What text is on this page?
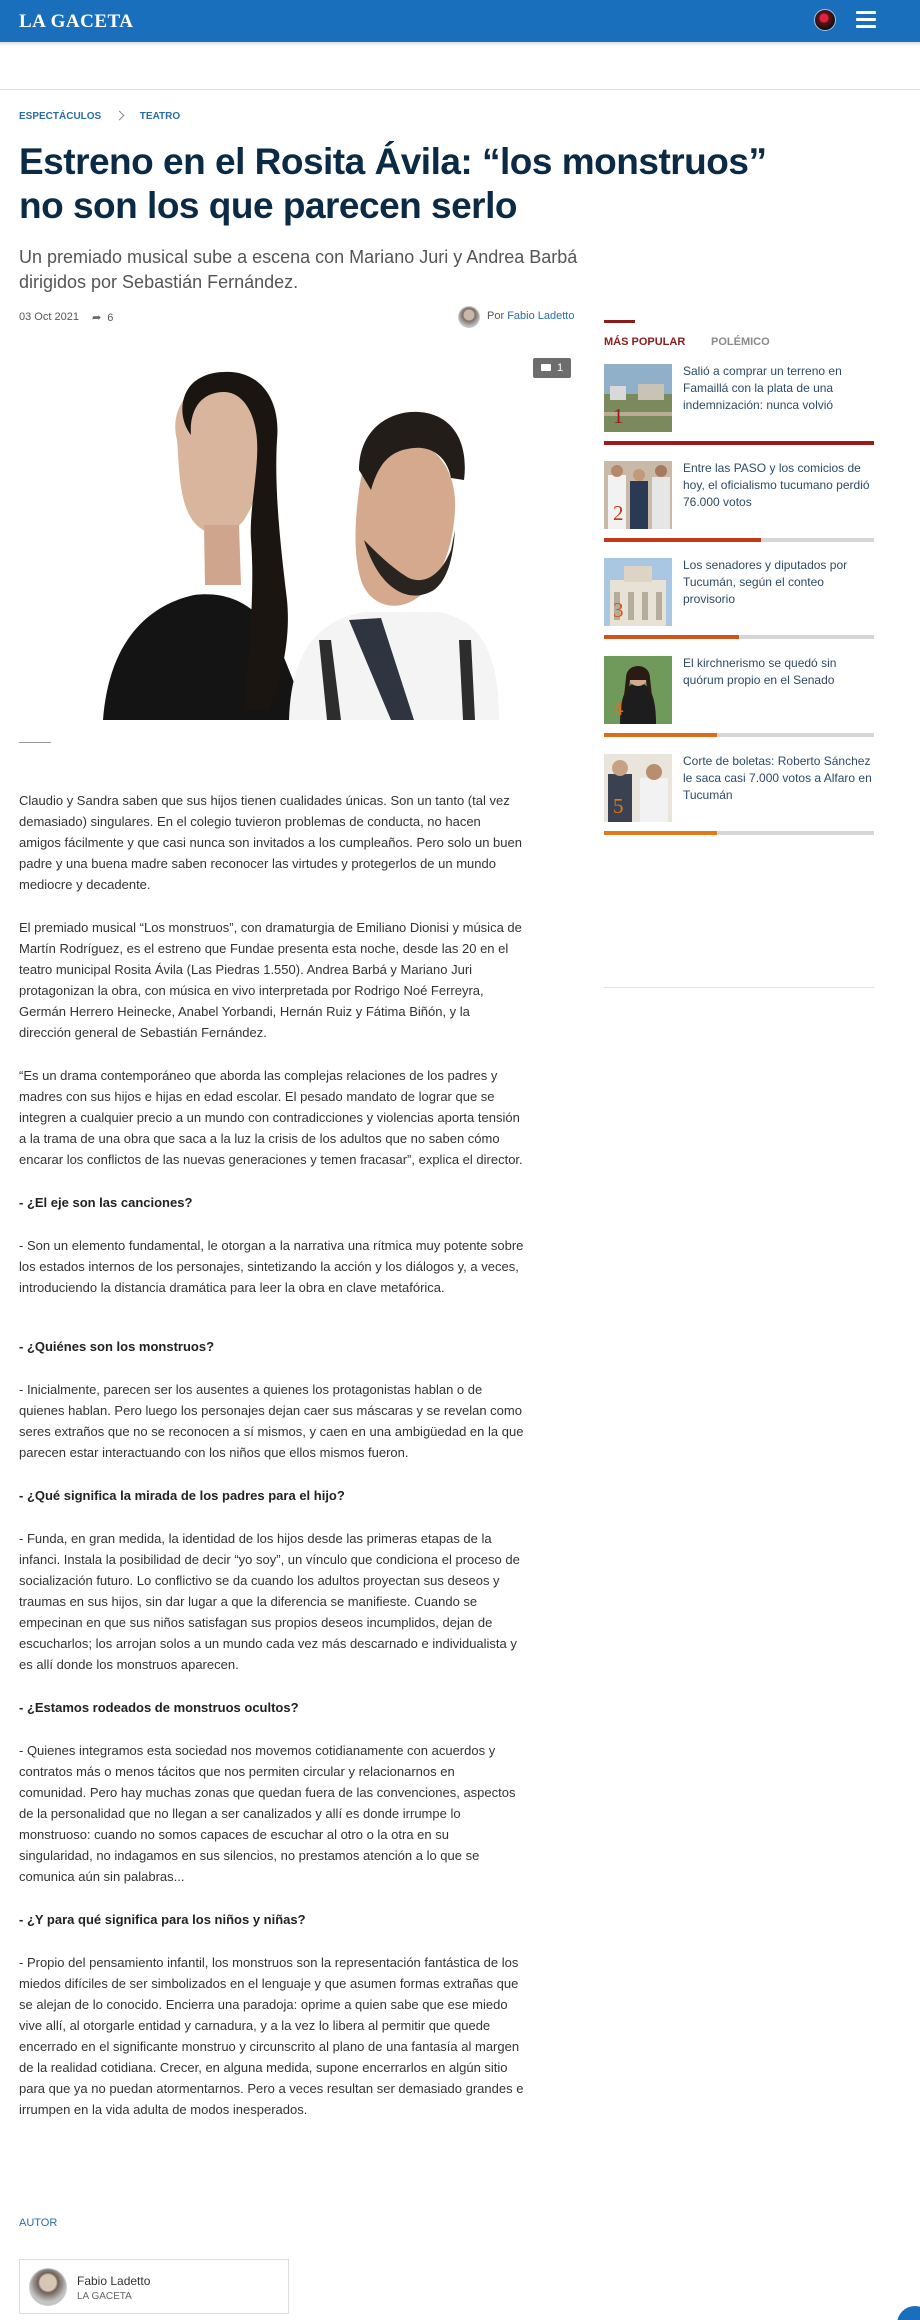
LA GACETA
ESPECTÁCULOS	TEATRO
Estreno en el Rosita Ávila: “los monstruos” no son los que parecen serlo
Un premiado musical sube a escena con Mariano Juri y Andrea Barbá dirigidos por Sebastián Fernández.
03 Oct 2021 ➦ 6	Por Fabio Ladetto
1

Claudio y Sandra saben que sus hijos tienen cualidades únicas. Son un tanto (tal vez demasiado) singulares. En el colegio tuvieron problemas de conducta, no hacen amigos fácilmente y que casi nunca son invitados a los cumpleaños. Pero solo un buen padre y una buena madre saben reconocer las virtudes y protegerlos de un mundo mediocre y decadente.

El premiado musical “Los monstruos”, con dramaturgia de Emiliano Dionisi y música de Martín Rodríguez, es el estreno que Fundae presenta esta noche, desde las 20 en el teatro municipal Rosita Ávila (Las Piedras 1.550). Andrea Barbá y Mariano Juri protagonizan la obra, con música en vivo interpretada por Rodrigo Noé Ferreyra, Germán Herrero Heinecke, Anabel Yorbandi, Hernán Ruiz y Fátima Biñón, y la dirección general de Sebastián Fernández.

“Es un drama contemporáneo que aborda las complejas relaciones de los padres y madres con sus hijos e hijas en edad escolar. El pesado mandato de lograr que se integren a cualquier precio a un mundo con contradicciones y violencias aporta tensión a la trama de una obra que saca a la luz la crisis de los adultos que no saben cómo encarar los conflictos de las nuevas generaciones y temen fracasar”, explica el director.

- ¿El eje son las canciones?

- Son un elemento fundamental, le otorgan a la narrativa una rítmica muy potente sobre los estados internos de los personajes, sintetizando la acción y los diálogos y, a veces, introduciendo la distancia dramática para leer la obra en clave metafórica.

- ¿Quiénes son los monstruos?

- Inicialmente, parecen ser los ausentes a quienes los protagonistas hablan o de quienes hablan. Pero luego los personajes dejan caer sus máscaras y se revelan como seres extraños que no se reconocen a sí mismos, y caen en una ambigüedad en la que parecen estar interactuando con los niños que ellos mismos fueron.

- ¿Qué significa la mirada de los padres para el hijo?

- Funda, en gran medida, la identidad de los hijos desde las primeras etapas de la infanci. Instala la posibilidad de decir “yo soy”, un vínculo que condiciona el proceso de socialización futuro. Lo conflictivo se da cuando los adultos proyectan sus deseos y traumas en sus hijos, sin dar lugar a que la diferencia se manifieste. Cuando se empecinan en que sus niños satisfagan sus propios deseos incumplidos, dejan de escucharlos; los arrojan solos a un mundo cada vez más descarnado e individualista y es allí donde los monstruos aparecen.

- ¿Estamos rodeados de monstruos ocultos?

- Quienes integramos esta sociedad nos movemos cotidianamente con acuerdos y contratos más o menos tácitos que nos permiten circular y relacionarnos en comunidad. Pero hay muchas zonas que quedan fuera de las convenciones, aspectos de la personalidad que no llegan a ser canalizados y allí es donde irrumpe lo monstruoso: cuando no somos capaces de escuchar al otro o la otra en su singularidad, no indagamos en sus silencios, no prestamos atención a lo que se comunica aún sin palabras...

- ¿Y para qué significa para los niños y niñas?

- Propio del pensamiento infantil, los monstruos son la representación fantástica de los miedos difíciles de ser simbolizados en el lenguaje y que asumen formas extrañas que se alejan de lo conocido. Encierra una paradoja: oprime a quien sabe que ese miedo vive allí, al otorgarle entidad y carnadura, y a la vez lo libera al permitir que quede encerrado en el significante monstruo y circunscrito al plano de una fantasía al margen de la realidad cotidiana. Crecer, en alguna medida, supone encerrarlos en algún sitio para que ya no puedan atormentarnos. Pero a veces resultan ser demasiado grandes e irrumpen en la vida adulta de modos inesperados.

AUTOR
Fabio Ladetto
LA GACETA
MÁS POPULAR POLÉMICO
1
Salió a comprar un terreno en Famaillá con la plata de una indemnización: nunca volvió
2
Entre las PASO y los comicios de hoy, el oficialismo tucumano perdió 76.000 votos
3
Los senadores y diputados por Tucumán, según el conteo provisorio
4
El kirchnerismo se quedó sin quórum propio en el Senado
5
Corte de boletas: Roberto Sánchez le saca casi 7.000 votos a Alfaro en Tucumán
